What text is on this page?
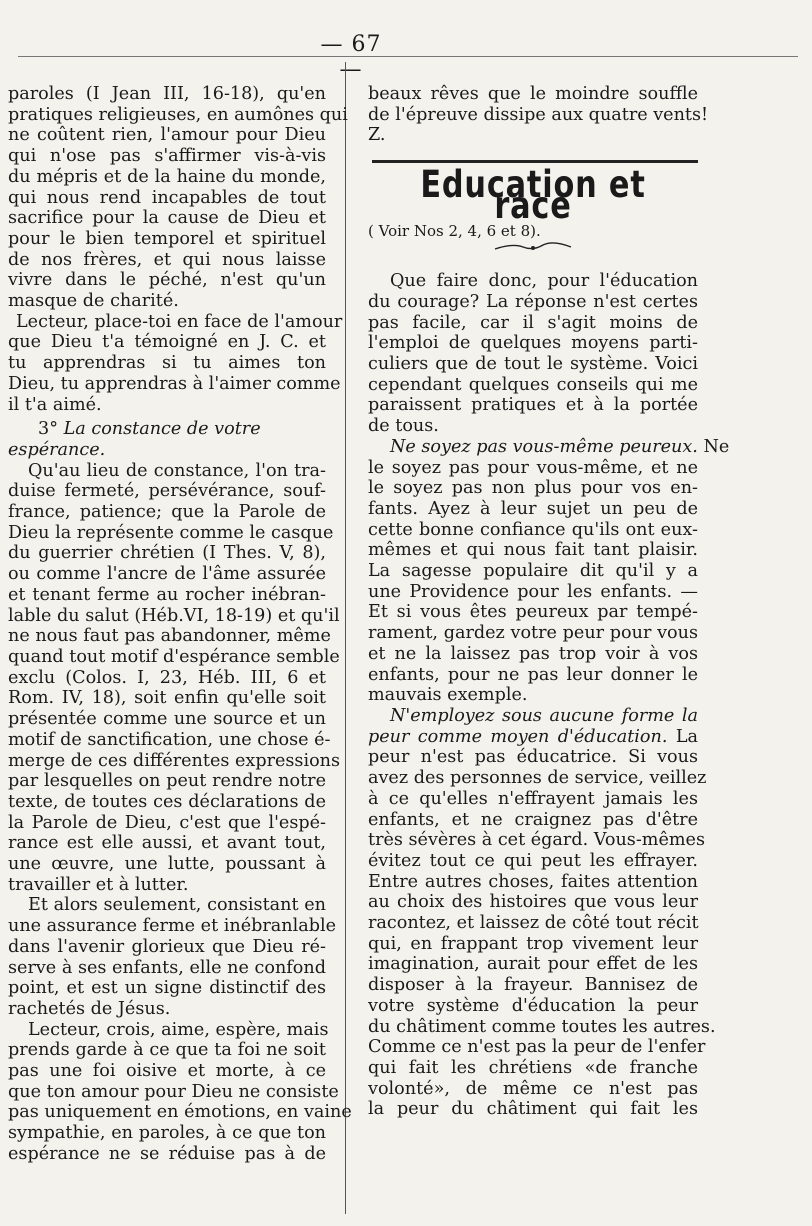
— 67 —

paroles (I Jean III, 16-18), qu'en
pratiques religieuses, en aumônes qui
ne coûtent rien, l'amour pour Dieu
qui n'ose pas s'affirmer vis-à-vis
du mépris et de la haine du monde,
qui nous rend incapables de tout
sacrifice pour la cause de Dieu et
pour le bien temporel et spirituel
de nos frères, et qui nous laisse
vivre dans le péché, n'est qu'un
masque de charité.

Lecteur, place-toi en face de l'amour
que Dieu t'a témoigné en J. C. et
tu apprendras si tu aimes ton
Dieu, tu apprendras à l'aimer comme
il t'a aimé.

3° La constance de votre espérance.

Qu'au lieu de constance, l'on tra-
duise fermeté, persévérance, souf-
france, patience; que la Parole de
Dieu la représente comme le casque
du guerrier chrétien (I Thes. V, 8),
ou comme l'ancre de l'âme assurée
et tenant ferme au rocher inébran-
lable du salut (Héb.VI, 18-19) et qu'il
ne nous faut pas abandonner, même
quand tout motif d'espérance semble
exclu (Colos. I, 23, Héb. III, 6 et
Rom. IV, 18), soit enfin qu'elle soit
présentée comme une source et un
motif de sanctification, une chose é-
merge de ces différentes expressions
par lesquelles on peut rendre notre
texte, de toutes ces déclarations de
la Parole de Dieu, c'est que l'espé-
rance est elle aussi, et avant tout,
une œuvre, une lutte, poussant à
travailler et à lutter.

Et alors seulement, consistant en
une assurance ferme et inébranlable
dans l'avenir glorieux que Dieu ré-
serve à ses enfants, elle ne confond
point, et est un signe distinctif des
rachetés de Jésus.

Lecteur, crois, aime, espère, mais
prends garde à ce que ta foi ne soit
pas une foi oisive et morte, à ce
que ton amour pour Dieu ne consiste
pas uniquement en émotions, en vaine
sympathie, en paroles, à ce que ton
espérance ne se réduise pas à de

beaux rêves que le moindre souffle
de l'épreuve dissipe aux quatre vents!

Z.

Education et race

( Voir Nos 2, 4, 6 et 8).

Que faire donc, pour l'éducation
du courage? La réponse n'est certes
pas facile, car il s'agit moins de
l'emploi de quelques moyens parti-
culiers que de tout le système. Voici
cependant quelques conseils qui me
paraissent pratiques et à la portée
de tous.

Ne soyez pas vous-même peureux. Ne
le soyez pas pour vous-même, et ne
le soyez pas non plus pour vos en-
fants. Ayez à leur sujet un peu de
cette bonne confiance qu'ils ont eux-
mêmes et qui nous fait tant plaisir.
La sagesse populaire dit qu'il y a
une Providence pour les enfants. —
Et si vous êtes peureux par tempé-
rament, gardez votre peur pour vous
et ne la laissez pas trop voir à vos
enfants, pour ne pas leur donner le
mauvais exemple.

N'employez sous aucune forme la
peur comme moyen d'éducation. La
peur n'est pas éducatrice. Si vous
avez des personnes de service, veillez
à ce qu'elles n'effrayent jamais les
enfants, et ne craignez pas d'être
très sévères à cet égard. Vous-mêmes
évitez tout ce qui peut les effrayer.
Entre autres choses, faites attention
au choix des histoires que vous leur
racontez, et laissez de côté tout récit
qui, en frappant trop vivement leur
imagination, aurait pour effet de les
disposer à la frayeur. Bannisez de
votre système d'éducation la peur
du châtiment comme toutes les autres.
Comme ce n'est pas la peur de l'enfer
qui fait les chrétiens «de franche
volonté», de même ce n'est pas
la peur du châtiment qui fait les
